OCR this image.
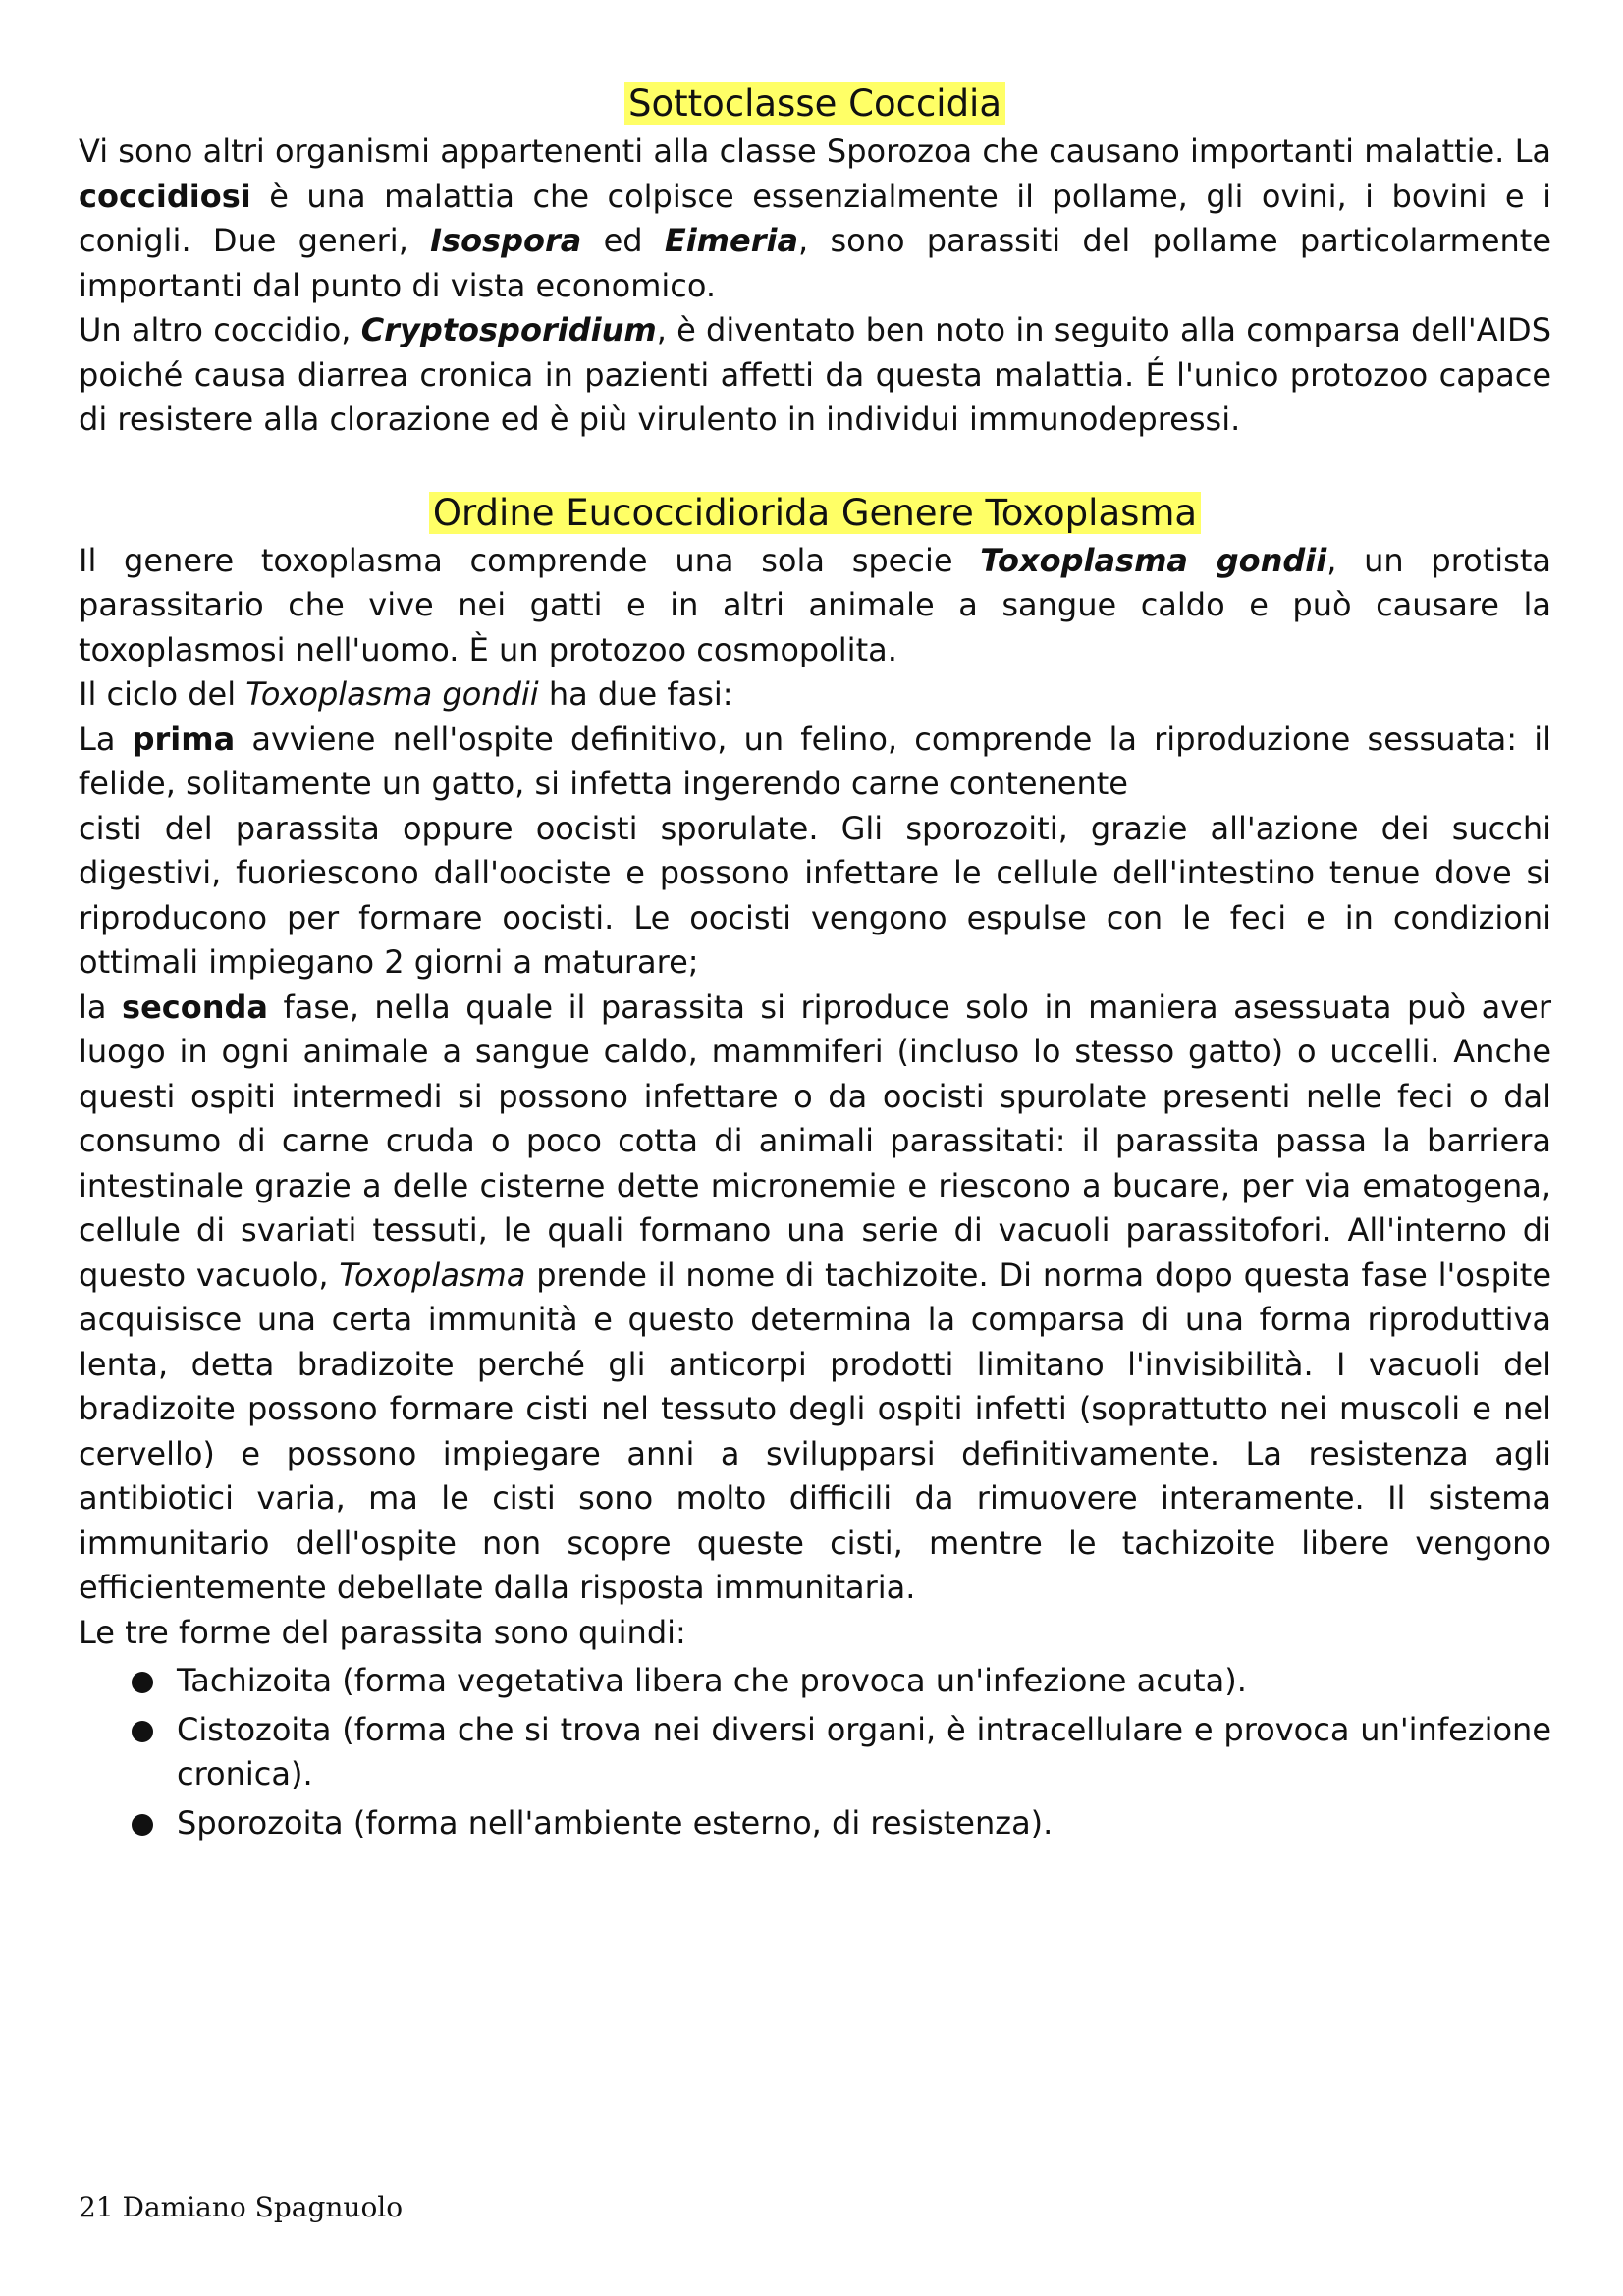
Sottoclasse Coccidia

Vi sono altri organismi appartenenti alla classe Sporozoa che causano importanti malattie. La coccidiosi è una malattia che colpisce essenzialmente il pollame, gli ovini, i bovini e i conigli. Due generi, Isospora ed Eimeria, sono parassiti del pollame particolarmente importanti dal punto di vista economico.

Un altro coccidio, Cryptosporidium, è diventato ben noto in seguito alla comparsa dell'AIDS poiché causa diarrea cronica in pazienti affetti da questa malattia. É l'unico protozoo capace di resistere alla clorazione ed è più virulento in individui immunodepressi.

Ordine Eucoccidiorida Genere Toxoplasma

Il genere toxoplasma comprende una sola specie Toxoplasma gondii, un protista parassitario che vive nei gatti e in altri animale a sangue caldo e può causare la toxoplasmosi nell'uomo. È un protozoo cosmopolita.

Il ciclo del Toxoplasma gondii ha due fasi:

La prima avviene nell'ospite definitivo, un felino, comprende la riproduzione sessuata: il felide, solitamente un gatto, si infetta ingerendo carne contenente
cisti del parassita oppure oocisti sporulate. Gli sporozoiti, grazie all'azione dei succhi digestivi, fuoriescono dall'oociste e possono infettare le cellule dell'intestino tenue dove si riproducono per formare oocisti. Le oocisti vengono espulse con le feci e in condizioni ottimali impiegano 2 giorni a maturare;

la seconda fase, nella quale il parassita si riproduce solo in maniera asessuata può aver luogo in ogni animale a sangue caldo, mammiferi (incluso lo stesso gatto) o uccelli. Anche questi ospiti intermedi si possono infettare o da oocisti spurolate presenti nelle feci o dal consumo di carne cruda o poco cotta di animali parassitati: il parassita passa la barriera intestinale grazie a delle cisterne dette micronemie e riescono a bucare, per via ematogena, cellule di svariati tessuti, le quali formano una serie di vacuoli parassitofori. All'interno di questo vacuolo, Toxoplasma prende il nome di tachizoite. Di norma dopo questa fase l'ospite acquisisce una certa immunità e questo determina la comparsa di una forma riproduttiva lenta, detta bradizoite perché gli anticorpi prodotti limitano l'invisibilità. I vacuoli del bradizoite possono formare cisti nel tessuto degli ospiti infetti (soprattutto nei muscoli e nel cervello) e possono impiegare anni a svilupparsi definitivamente. La resistenza agli antibiotici varia, ma le cisti sono molto difficili da rimuovere interamente. Il sistema immunitario dell'ospite non scopre queste cisti, mentre le tachizoite libere vengono efficientemente debellate dalla risposta immunitaria.

Le tre forme del parassita sono quindi:

Tachizoita (forma vegetativa libera che provoca un'infezione acuta).
Cistozoita (forma che si trova nei diversi organi, è intracellulare e provoca un'infezione cronica).
Sporozoita (forma nell'ambiente esterno, di resistenza).
21 Damiano Spagnuolo
